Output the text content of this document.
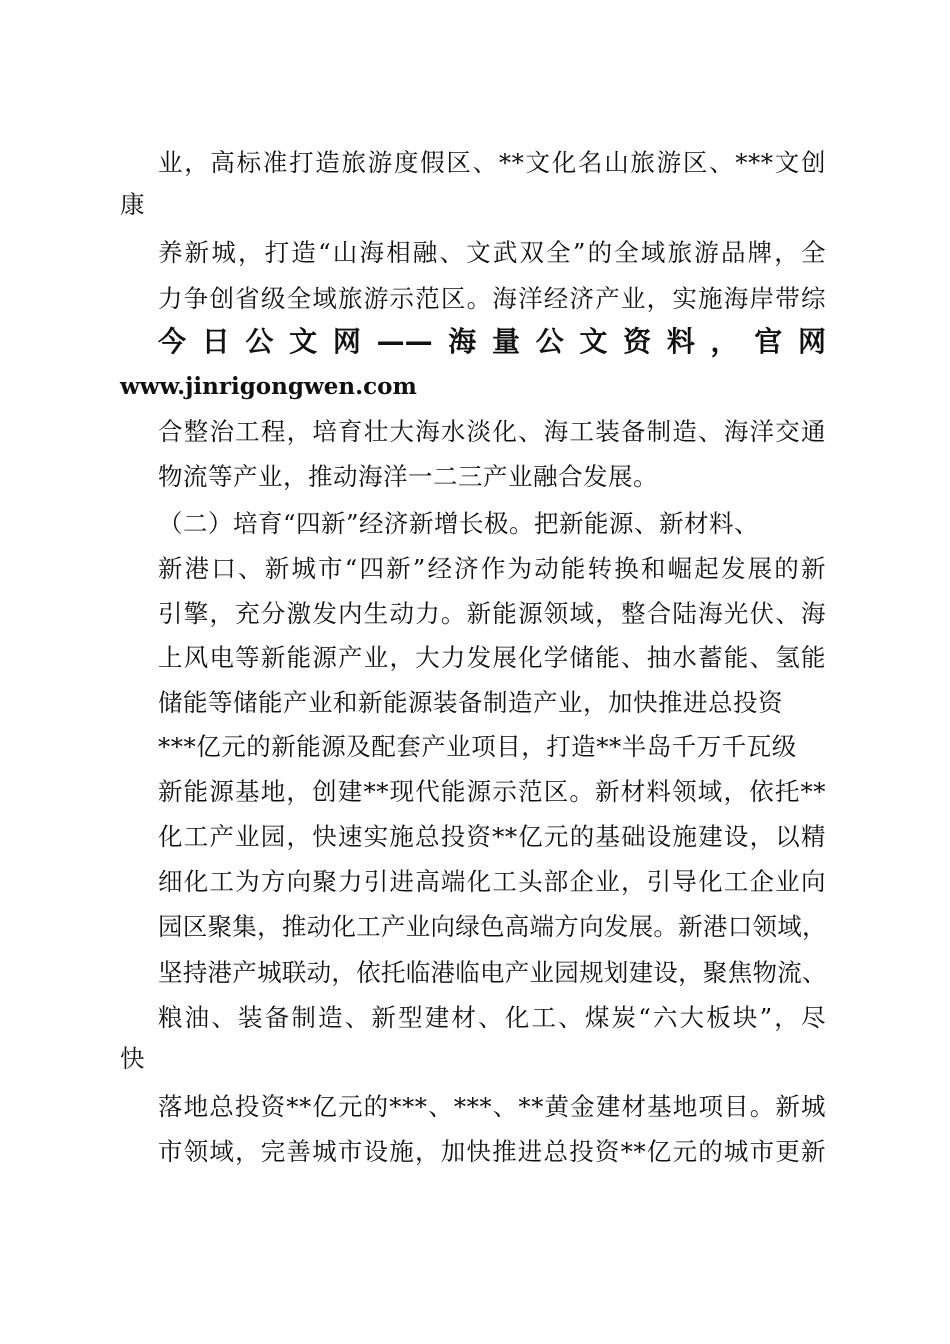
业，高标准打造旅游度假区、**文化名山旅游区、***文创
康
养新城，打造“山海相融、文武双全”的全域旅游品牌，全
力争创省级全域旅游示范区。海洋经济产业，实施海岸带综
今日公文网——海量公文资料，官网
www.jinrigongwen.com
合整治工程，培育壮大海水淡化、海工装备制造、海洋交通
物流等产业，推动海洋一二三产业融合发展。
（二）培育“四新”经济新增长极。把新能源、新材料、
新港口、新城市“四新”经济作为动能转换和崛起发展的新
引擎，充分激发内生动力。新能源领域，整合陆海光伏、海
上风电等新能源产业，大力发展化学储能、抽水蓄能、氢能
储能等储能产业和新能源装备制造产业，加快推进总投资
***亿元的新能源及配套产业项目，打造**半岛千万千瓦级
新能源基地，创建**现代能源示范区。新材料领域，依托**
化工产业园，快速实施总投资**亿元的基础设施建设，以精
细化工为方向聚力引进高端化工头部企业，引导化工企业向
园区聚集，推动化工产业向绿色高端方向发展。新港口领域，
坚持港产城联动，依托临港临电产业园规划建设，聚焦物流、
粮油、装备制造、新型建材、化工、煤炭“六大板块”，尽
快
落地总投资**亿元的***、***、**黄金建材基地项目。新城
市领域，完善城市设施，加快推进总投资**亿元的城市更新
